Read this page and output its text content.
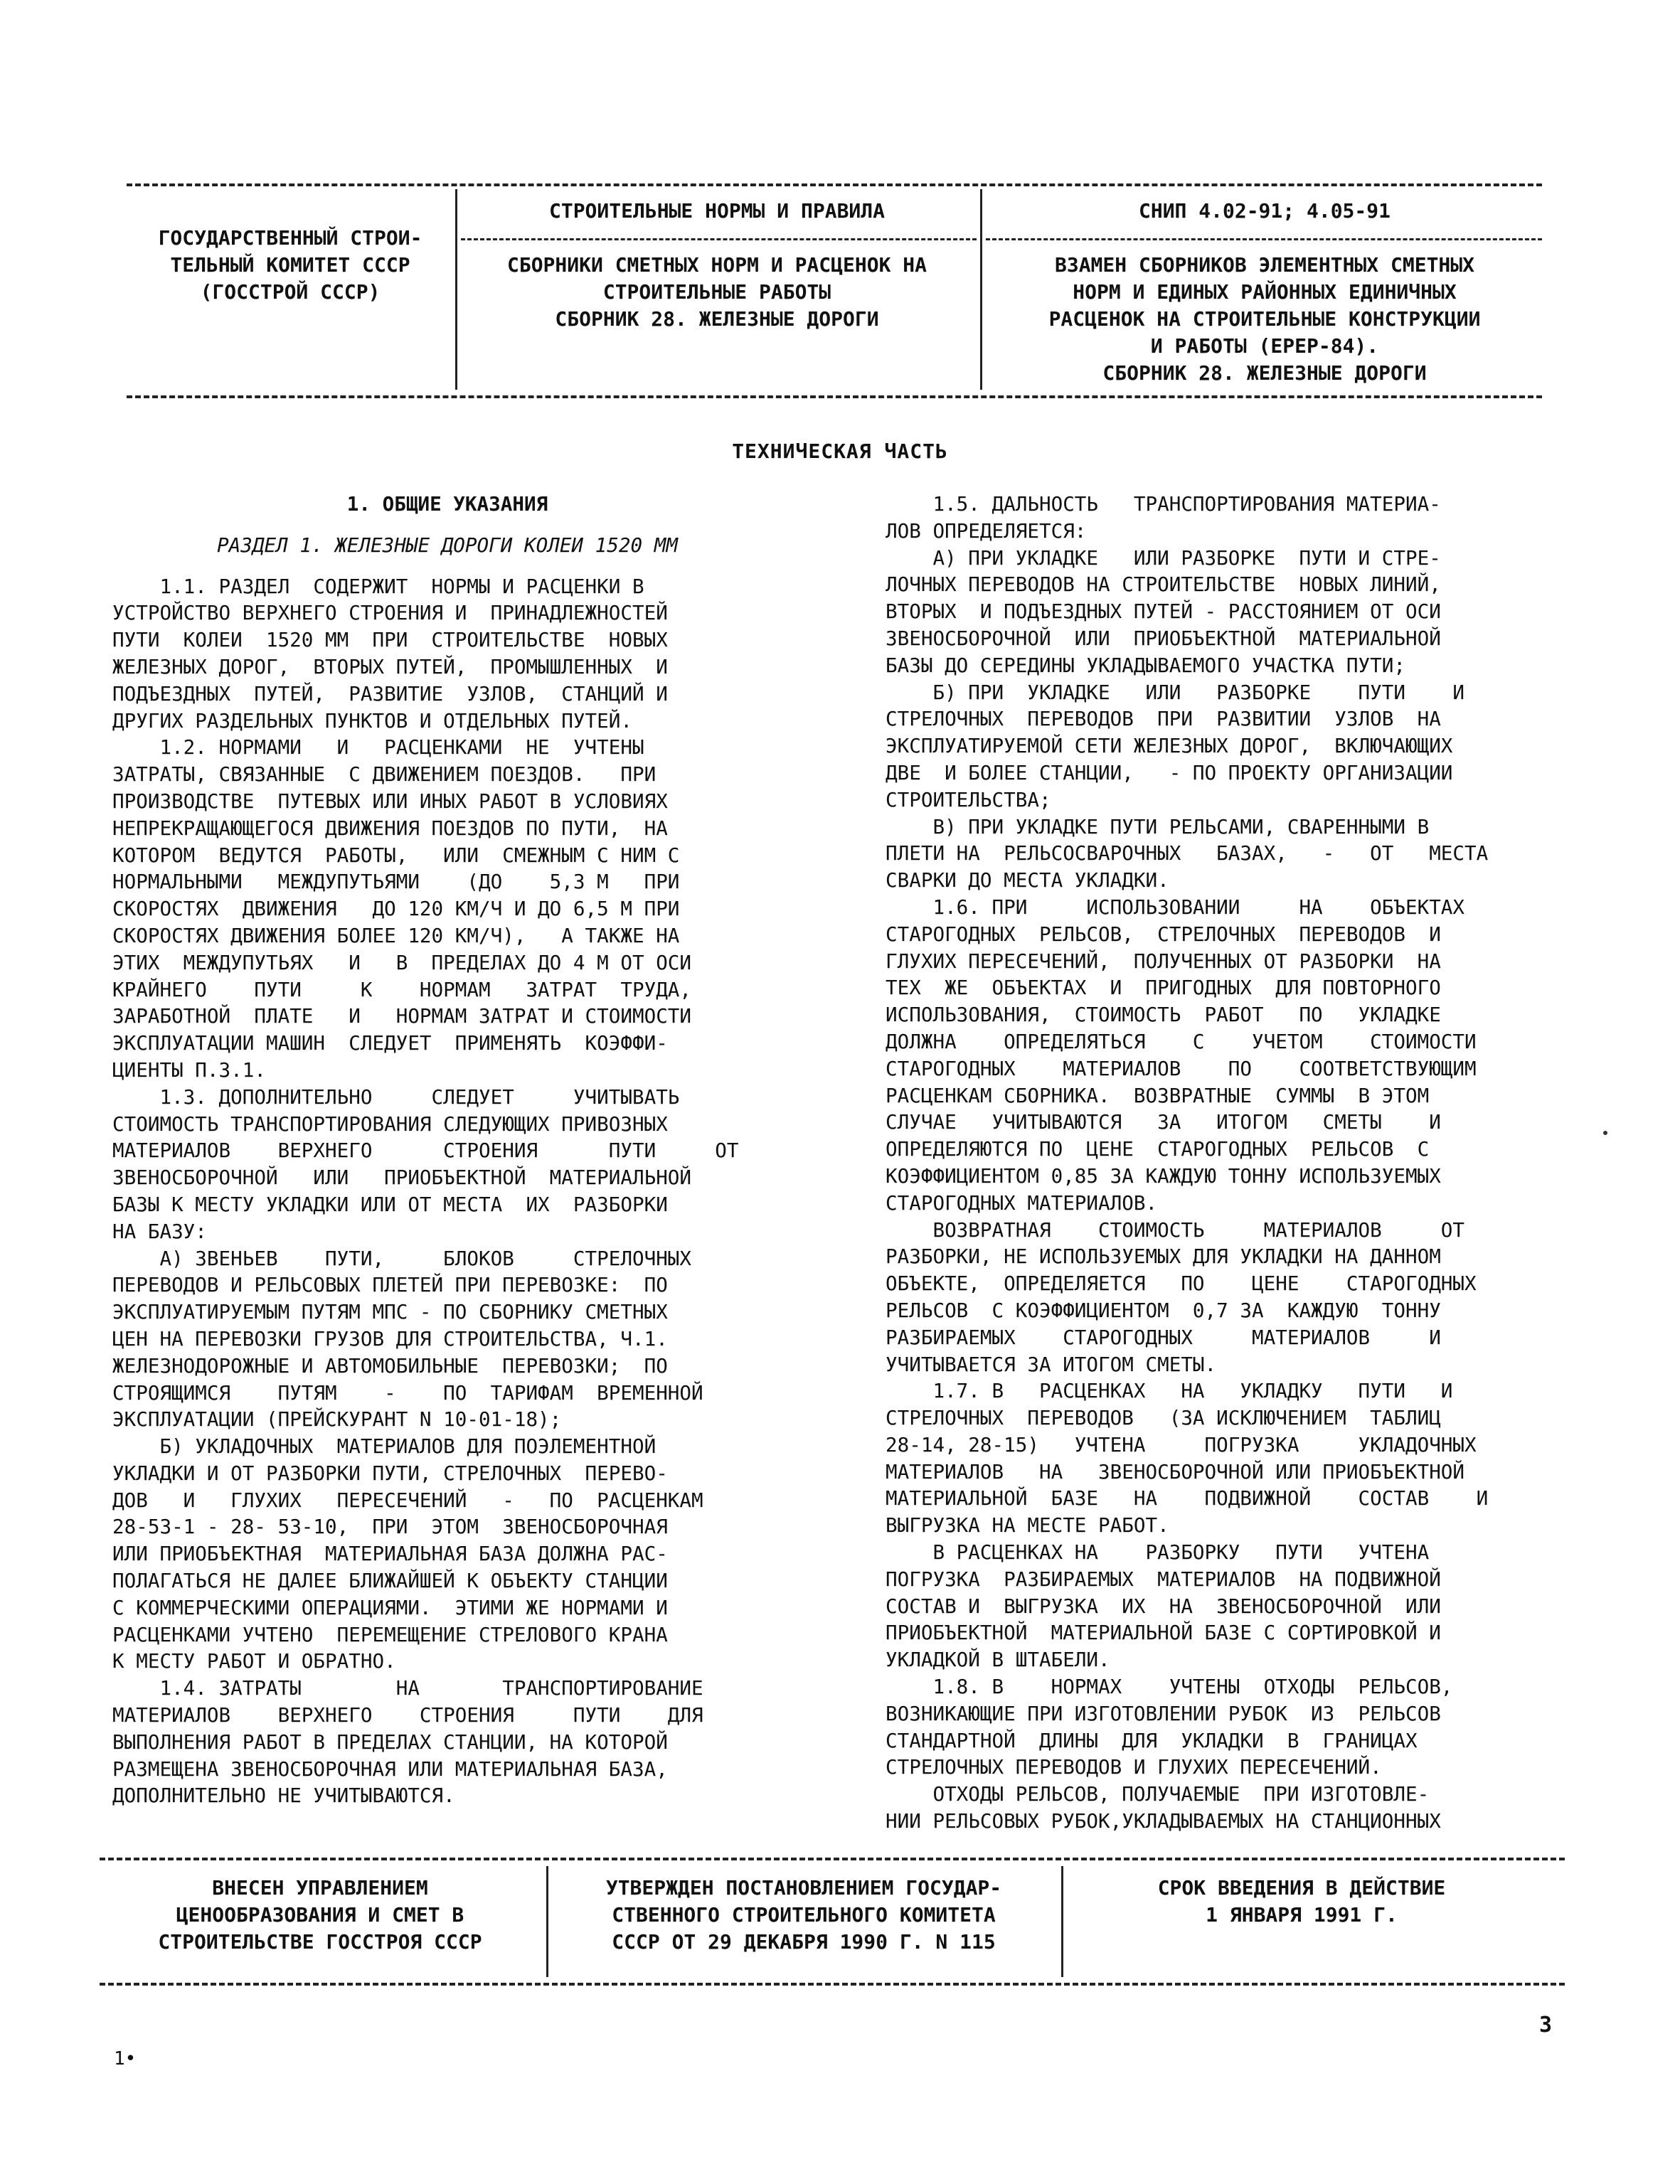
ГОСУДАРСТВЕННЫЙ СТРОИ-
ТЕЛЬНЫЙ КОМИТЕТ СССР
(ГОССТРОЙ СССР)
СТРОИТЕЛЬНЫЕ НОРМЫ И ПРАВИЛА
СБОРНИКИ СМЕТНЫХ НОРМ И РАСЦЕНОК НА
СТРОИТЕЛЬНЫЕ РАБОТЫ
СБОРНИК 28. ЖЕЛЕЗНЫЕ ДОРОГИ
СНИП 4.02-91; 4.05-91
ВЗАМЕН СБОРНИКОВ ЭЛЕМЕНТНЫХ СМЕТНЫХ
НОРМ И ЕДИНЫХ РАЙОННЫХ ЕДИНИЧНЫХ
РАСЦЕНОК НА СТРОИТЕЛЬНЫЕ КОНСТРУКЦИИ
И РАБОТЫ (ЕРЕР-84).
СБОРНИК 28. ЖЕЛЕЗНЫЕ ДОРОГИ
ТЕХНИЧЕСКАЯ ЧАСТЬ
1. ОБЩИЕ УКАЗАНИЯ
РАЗДЕЛ 1. ЖЕЛЕЗНЫЕ ДОРОГИ КОЛЕИ 1520 ММ
1.1. РАЗДЕЛ  СОДЕРЖИТ  НОРМЫ И РАСЦЕНКИ В
УСТРОЙСТВО ВЕРХНЕГО СТРОЕНИЯ И  ПРИНАДЛЕЖНОСТЕЙ
ПУТИ  КОЛЕИ  1520 ММ  ПРИ  СТРОИТЕЛЬСТВЕ  НОВЫХ
ЖЕЛЕЗНЫХ ДОРОГ,  ВТОРЫХ ПУТЕЙ,  ПРОМЫШЛЕННЫХ  И
ПОДЪЕЗДНЫХ  ПУТЕЙ,  РАЗВИТИЕ  УЗЛОВ,  СТАНЦИЙ И
ДРУГИХ РАЗДЕЛЬНЫХ ПУНКТОВ И ОТДЕЛЬНЫХ ПУТЕЙ.
1.2. НОРМАМИ   И   РАСЦЕНКАМИ  НЕ  УЧТЕНЫ
ЗАТРАТЫ, СВЯЗАННЫЕ  С ДВИЖЕНИЕМ ПОЕЗДОВ.   ПРИ
ПРОИЗВОДСТВЕ  ПУТЕВЫХ ИЛИ ИНЫХ РАБОТ В УСЛОВИЯХ
НЕПРЕКРАЩАЮЩЕГОСЯ ДВИЖЕНИЯ ПОЕЗДОВ ПО ПУТИ,  НА
КОТОРОМ  ВЕДУТСЯ  РАБОТЫ,   ИЛИ  СМЕЖНЫМ С НИМ С
НОРМАЛЬНЫМИ   МЕЖДУПУТЬЯМИ    (ДО    5,3 М   ПРИ
СКОРОСТЯХ  ДВИЖЕНИЯ   ДО 120 КМ/Ч И ДО 6,5 М ПРИ
СКОРОСТЯХ ДВИЖЕНИЯ БОЛЕЕ 120 КМ/Ч),   А ТАКЖЕ НА
ЭТИХ  МЕЖДУПУТЬЯХ   И   В  ПРЕДЕЛАХ ДО 4 М ОТ ОСИ
КРАЙНЕГО    ПУТИ     К    НОРМАМ   ЗАТРАТ  ТРУДА,
ЗАРАБОТНОЙ  ПЛАТЕ   И   НОРМАМ ЗАТРАТ И СТОИМОСТИ
ЭКСПЛУАТАЦИИ МАШИН  СЛЕДУЕТ  ПРИМЕНЯТЬ  КОЭФФИ-
ЦИЕНТЫ П.3.1.
1.3. ДОПОЛНИТЕЛЬНО     СЛЕДУЕТ     УЧИТЫВАТЬ
СТОИМОСТЬ ТРАНСПОРТИРОВАНИЯ СЛЕДУЮЩИХ ПРИВОЗНЫХ
МАТЕРИАЛОВ    ВЕРХНЕГО      СТРОЕНИЯ      ПУТИ     ОТ
ЗВЕНОСБОРОЧНОЙ   ИЛИ   ПРИОБЪЕКТНОЙ  МАТЕРИАЛЬНОЙ
БАЗЫ К МЕСТУ УКЛАДКИ ИЛИ ОТ МЕСТА  ИХ  РАЗБОРКИ
НА БАЗУ:
А) ЗВЕНЬЕВ    ПУТИ,     БЛОКОВ     СТРЕЛОЧНЫХ
ПЕРЕВОДОВ И РЕЛЬСОВЫХ ПЛЕТЕЙ ПРИ ПЕРЕВОЗКЕ:  ПО
ЭКСПЛУАТИРУЕМЫМ ПУТЯМ МПС - ПО СБОРНИКУ СМЕТНЫХ
ЦЕН НА ПЕРЕВОЗКИ ГРУЗОВ ДЛЯ СТРОИТЕЛЬСТВА, Ч.1.
ЖЕЛЕЗНОДОРОЖНЫЕ И АВТОМОБИЛЬНЫЕ  ПЕРЕВОЗКИ;  ПО
СТРОЯЩИМСЯ    ПУТЯМ    -    ПО  ТАРИФАМ  ВРЕМЕННОЙ
ЭКСПЛУАТАЦИИ (ПРЕЙСКУРАНТ N 10-01-18);
Б) УКЛАДОЧНЫХ  МАТЕРИАЛОВ ДЛЯ ПОЭЛЕМЕНТНОЙ
УКЛАДКИ И ОТ РАЗБОРКИ ПУТИ, СТРЕЛОЧНЫХ  ПЕРЕВО-
ДОВ   И   ГЛУХИХ   ПЕРЕСЕЧЕНИЙ   -   ПО  РАСЦЕНКАМ
28-53-1 - 28- 53-10,  ПРИ  ЭТОМ  ЗВЕНОСБОРОЧНАЯ
ИЛИ ПРИОБЪЕКТНАЯ  МАТЕРИАЛЬНАЯ БАЗА ДОЛЖНА РАС-
ПОЛАГАТЬСЯ НЕ ДАЛЕЕ БЛИЖАЙШЕЙ К ОБЪЕКТУ СТАНЦИИ
С КОММЕРЧЕСКИМИ ОПЕРАЦИЯМИ.  ЭТИМИ ЖЕ НОРМАМИ И
РАСЦЕНКАМИ УЧТЕНО  ПЕРЕМЕЩЕНИЕ СТРЕЛОВОГО КРАНА
К МЕСТУ РАБОТ И ОБРАТНО.
1.4. ЗАТРАТЫ        НА       ТРАНСПОРТИРОВАНИЕ
МАТЕРИАЛОВ    ВЕРХНЕГО    СТРОЕНИЯ     ПУТИ    ДЛЯ
ВЫПОЛНЕНИЯ РАБОТ В ПРЕДЕЛАХ СТАНЦИИ, НА КОТОРОЙ
РАЗМЕЩЕНА ЗВЕНОСБОРОЧНАЯ ИЛИ МАТЕРИАЛЬНАЯ БАЗА,
ДОПОЛНИТЕЛЬНО НЕ УЧИТЫВАЮТСЯ.
1.5. ДАЛЬНОСТЬ   ТРАНСПОРТИРОВАНИЯ МАТЕРИА-
ЛОВ ОПРЕДЕЛЯЕТСЯ:
А) ПРИ УКЛАДКЕ   ИЛИ РАЗБОРКЕ  ПУТИ И СТРЕ-
ЛОЧНЫХ ПЕРЕВОДОВ НА СТРОИТЕЛЬСТВЕ  НОВЫХ ЛИНИЙ,
ВТОРЫХ  И ПОДЪЕЗДНЫХ ПУТЕЙ - РАССТОЯНИЕМ ОТ ОСИ
ЗВЕНОСБОРОЧНОЙ  ИЛИ  ПРИОБЪЕКТНОЙ  МАТЕРИАЛЬНОЙ
БАЗЫ ДО СЕРЕДИНЫ УКЛАДЫВАЕМОГО УЧАСТКА ПУТИ;
Б) ПРИ  УКЛАДКЕ   ИЛИ   РАЗБОРКЕ    ПУТИ    И
СТРЕЛОЧНЫХ  ПЕРЕВОДОВ  ПРИ  РАЗВИТИИ  УЗЛОВ  НА
ЭКСПЛУАТИРУЕМОЙ СЕТИ ЖЕЛЕЗНЫХ ДОРОГ,  ВКЛЮЧАЮЩИХ
ДВЕ  И БОЛЕЕ СТАНЦИИ,   - ПО ПРОЕКТУ ОРГАНИЗАЦИИ
СТРОИТЕЛЬСТВА;
В) ПРИ УКЛАДКЕ ПУТИ РЕЛЬСАМИ, СВАРЕННЫМИ В
ПЛЕТИ НА  РЕЛЬСОСВАРОЧНЫХ   БАЗАХ,   -   ОТ   МЕСТА
СВАРКИ ДО МЕСТА УКЛАДКИ.
1.6. ПРИ     ИСПОЛЬЗОВАНИИ     НА    ОБЪЕКТАХ
СТАРОГОДНЫХ  РЕЛЬСОВ,  СТРЕЛОЧНЫХ  ПЕРЕВОДОВ  И
ГЛУХИХ ПЕРЕСЕЧЕНИЙ,  ПОЛУЧЕННЫХ ОТ РАЗБОРКИ  НА
ТЕХ  ЖЕ  ОБЪЕКТАХ  И  ПРИГОДНЫХ  ДЛЯ ПОВТОРНОГО
ИСПОЛЬЗОВАНИЯ,  СТОИМОСТЬ  РАБОТ   ПО   УКЛАДКЕ
ДОЛЖНА    ОПРЕДЕЛЯТЬСЯ    С    УЧЕТОМ    СТОИМОСТИ
СТАРОГОДНЫХ    МАТЕРИАЛОВ    ПО    СООТВЕТСТВУЮЩИМ
РАСЦЕНКАМ СБОРНИКА.  ВОЗВРАТНЫЕ  СУММЫ  В ЭТОМ
СЛУЧАЕ   УЧИТЫВАЮТСЯ   ЗА   ИТОГОМ   СМЕТЫ    И
ОПРЕДЕЛЯЮТСЯ ПО  ЦЕНЕ  СТАРОГОДНЫХ  РЕЛЬСОВ  С
КОЭФФИЦИЕНТОМ 0,85 ЗА КАЖДУЮ ТОННУ ИСПОЛЬЗУЕМЫХ
СТАРОГОДНЫХ МАТЕРИАЛОВ.
ВОЗВРАТНАЯ    СТОИМОСТЬ     МАТЕРИАЛОВ     ОТ
РАЗБОРКИ, НЕ ИСПОЛЬЗУЕМЫХ ДЛЯ УКЛАДКИ НА ДАННОМ
ОБЪЕКТЕ,  ОПРЕДЕЛЯЕТСЯ   ПО    ЦЕНЕ    СТАРОГОДНЫХ
РЕЛЬСОВ  С КОЭФФИЦИЕНТОМ  0,7 ЗА  КАЖДУЮ  ТОННУ
РАЗБИРАЕМЫХ    СТАРОГОДНЫХ     МАТЕРИАЛОВ     И
УЧИТЫВАЕТСЯ ЗА ИТОГОМ СМЕТЫ.
1.7. В   РАСЦЕНКАХ   НА   УКЛАДКУ   ПУТИ   И
СТРЕЛОЧНЫХ  ПЕРЕВОДОВ   (ЗА ИСКЛЮЧЕНИЕМ  ТАБЛИЦ
28-14, 28-15)   УЧТЕНА     ПОГРУЗКА     УКЛАДОЧНЫХ
МАТЕРИАЛОВ   НА   ЗВЕНОСБОРОЧНОЙ ИЛИ ПРИОБЪЕКТНОЙ
МАТЕРИАЛЬНОЙ  БАЗЕ   НА    ПОДВИЖНОЙ    СОСТАВ    И
ВЫГРУЗКА НА МЕСТЕ РАБОТ.
В РАСЦЕНКАХ НА    РАЗБОРКУ   ПУТИ   УЧТЕНА
ПОГРУЗКА  РАЗБИРАЕМЫХ  МАТЕРИАЛОВ  НА ПОДВИЖНОЙ
СОСТАВ И  ВЫГРУЗКА  ИХ  НА  ЗВЕНОСБОРОЧНОЙ  ИЛИ
ПРИОБЪЕКТНОЙ  МАТЕРИАЛЬНОЙ БАЗЕ С СОРТИРОВКОЙ И
УКЛАДКОЙ В ШТАБЕЛИ.
1.8. В    НОРМАХ    УЧТЕНЫ  ОТХОДЫ  РЕЛЬСОВ,
ВОЗНИКАЮЩИЕ ПРИ ИЗГОТОВЛЕНИИ РУБОК  ИЗ  РЕЛЬСОВ
СТАНДАРТНОЙ  ДЛИНЫ  ДЛЯ  УКЛАДКИ  В  ГРАНИЦАХ
СТРЕЛОЧНЫХ ПЕРЕВОДОВ И ГЛУХИХ ПЕРЕСЕЧЕНИЙ.
ОТХОДЫ РЕЛЬСОВ, ПОЛУЧАЕМЫЕ  ПРИ ИЗГОТОВЛЕ-
НИИ РЕЛЬСОВЫХ РУБОК,УКЛАДЫВАЕМЫХ НА СТАНЦИОННЫХ
ВНЕСЕН УПРАВЛЕНИЕМ
ЦЕНООБРАЗОВАНИЯ И СМЕТ В
СТРОИТЕЛЬСТВЕ ГОССТРОЯ СССР
УТВЕРЖДЕН ПОСТАНОВЛЕНИЕМ ГОСУДАР-
СТВЕННОГО СТРОИТЕЛЬНОГО КОМИТЕТА
СССР ОТ 29 ДЕКАБРЯ 1990 Г. N 115
СРОК ВВЕДЕНИЯ В ДЕЙСТВИЕ
1 ЯНВАРЯ 1991 Г.
3
1•
